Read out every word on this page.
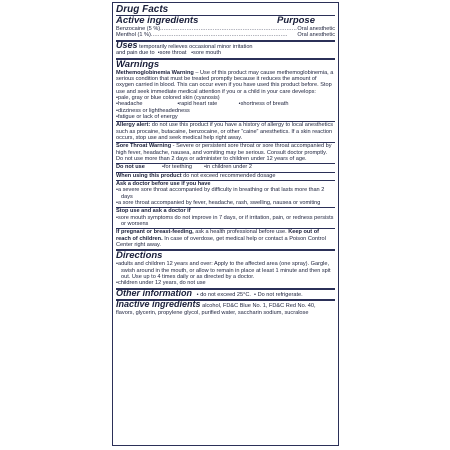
Drug Facts
Active ingredients	Purpose
Benzocaine (5 %) .............................................................................. Oral anesthetic
Menthol (1 %) ..............................................................................	Oral anesthetic
Uses temporarily relieves occasional minor irritation
and pain due to • sore throat • sore mouth
Warnings
Methemoglobinemia Warning – Use of this product may cause methemoglobinemia, a serious condition that must be treated promptly because it reduces the amount of oxygen carried in blood. This can occur even if you have used this product before. Stop use and seek immediate medical attention if you or a child in your care develops:
• pale, gray or blue colored skin (cyanosis)
• headache	• rapid heart rate	• shortness of breath
• dizziness or lightheadedness
• fatigue or lack of energy
Allergy alert: do not use this product if you have a history of allergy to local anesthetics such as procaine, butacaine, benzocaine, or other “caine” anesthetics. If a skin reaction occurs, stop use and seek medical help right away.
Sore Throat Warning - Severe or persistent sore throat or sore throat accompanied by high fever, headache, nausea, and vomiting may be serious. Consult doctor promptly. Do not use more than 2 days or administer to children under 12 years of age.
Do not use	• for teething	• in children under 2
When using this product do not exceed recommended dosage
Ask a doctor before use if you have
• a severe sore throat accompanied by difficulty in breathing or that lasts more than 2 days
• a sore throat accompanied by fever, headache, rash, swelling, nausea or vomiting
Stop use and ask a doctor if
• sore mouth symptoms do not improve in 7 days, or if irritation, pain, or redness persists or worsens
If pregnant or breast-feeding, ask a health professional before use. Keep out of reach of children. In case of overdose, get medical help or contact a Poison Control Center right away.
Directions
• adults and children 12 years and over: Apply to the affected area (one spray). Gargle, swish around in the mouth, or allow to remain in place at least 1 minute and then spit out. Use up to 4 times daily or as directed by a doctor.
• children under 12 years, do not use
Other information   • do not exceed 25°C.  • Do not refrigerate.
Inactive ingredients alcohol, FD&C Blue No. 1, FD&C Red No. 40, flavors, glycerin, propylene glycol, purified water, saccharin sodium, sucralose
